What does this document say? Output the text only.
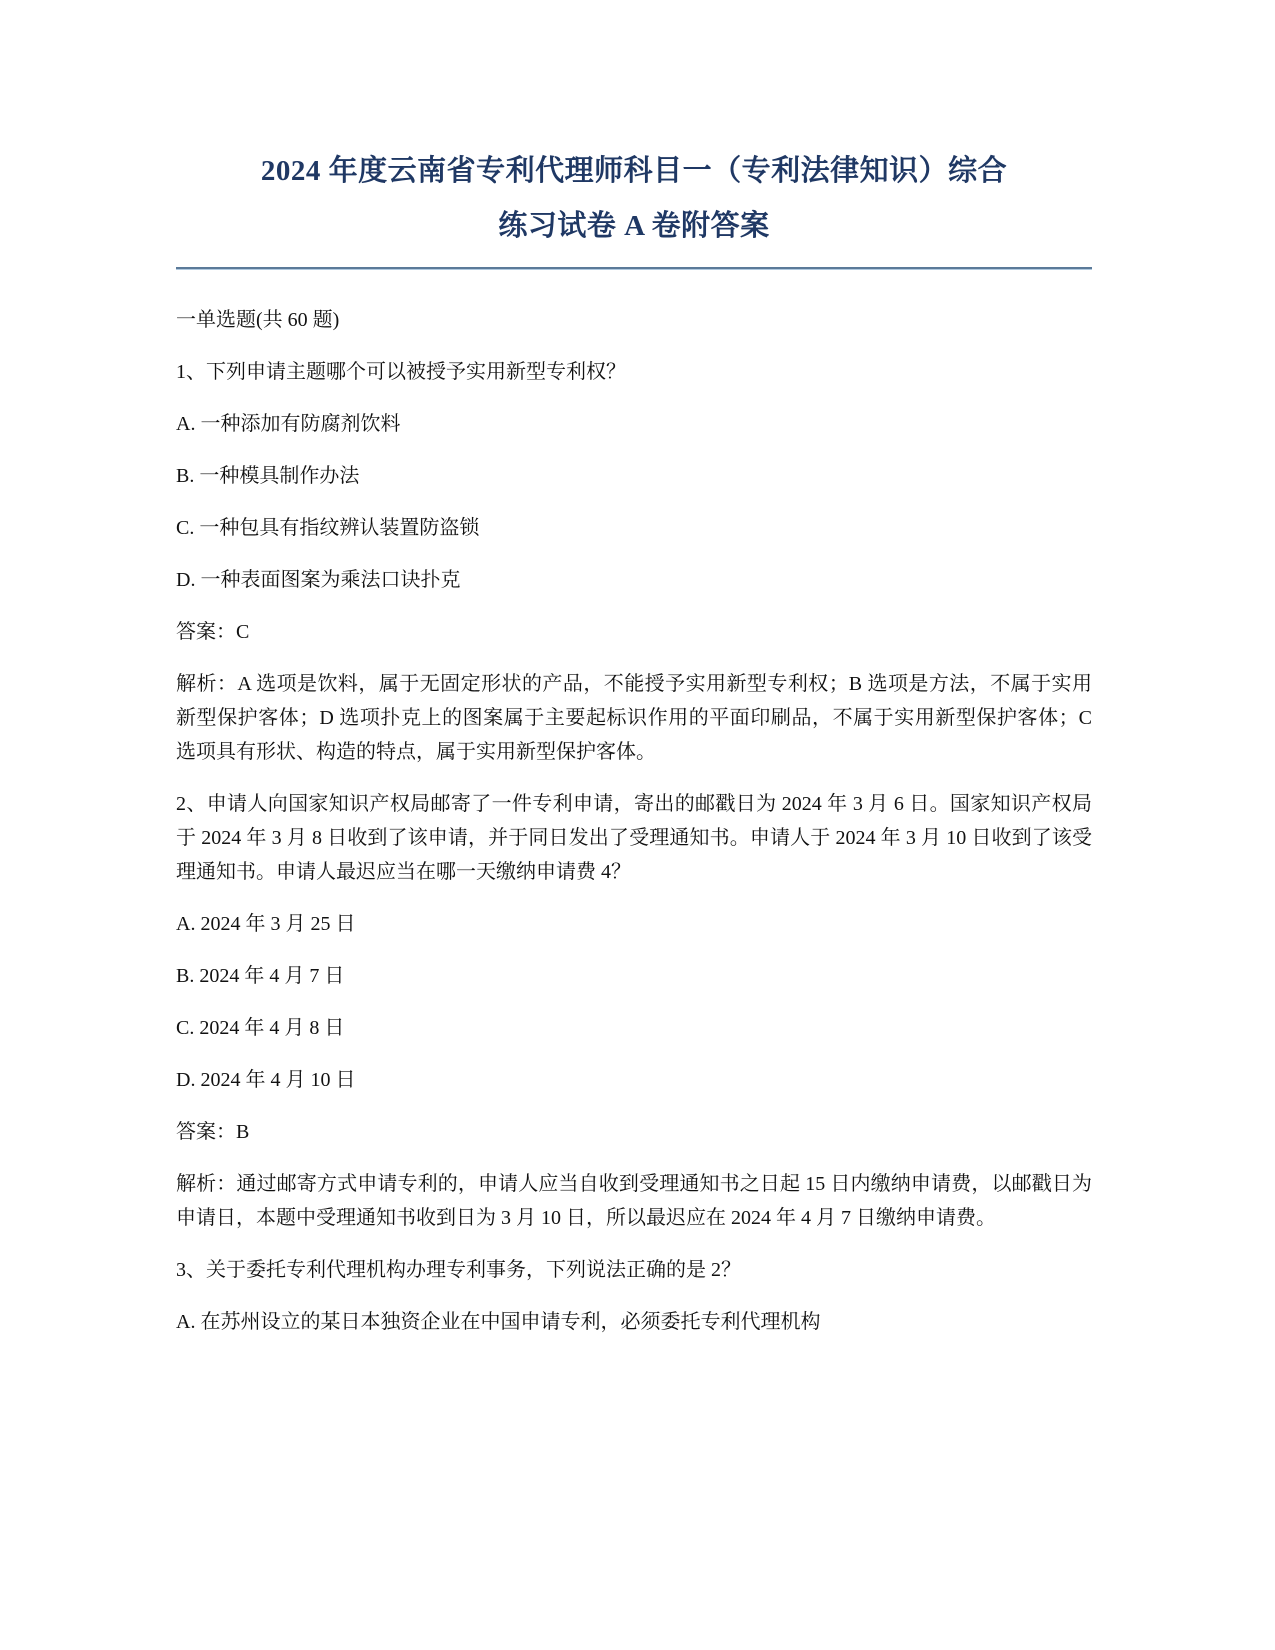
2024 年度云南省专利代理师科目一（专利法律知识）综合
练习试卷 A 卷附答案

一单选题(共 60 题)

1、下列申请主题哪个可以被授予实用新型专利权？

A. 一种添加有防腐剂饮料

B. 一种模具制作办法

C. 一种包具有指纹辨认装置防盗锁

D. 一种表面图案为乘法口诀扑克

答案：C

解析：A 选项是饮料，属于无固定形状的产品，不能授予实用新型专利权；B 选项是方法，不属于实用新型保护客体；D 选项扑克上的图案属于主要起标识作用的平面印刷品，不属于实用新型保护客体；C 选项具有形状、构造的特点，属于实用新型保护客体。

2、申请人向国家知识产权局邮寄了一件专利申请，寄出的邮戳日为 2024 年 3 月 6 日。国家知识产权局于 2024 年 3 月 8 日收到了该申请，并于同日发出了受理通知书。申请人于 2024 年 3 月 10 日收到了该受理通知书。申请人最迟应当在哪一天缴纳申请费 4？

A. 2024 年 3 月 25 日

B. 2024 年 4 月 7 日

C. 2024 年 4 月 8 日

D. 2024 年 4 月 10 日

答案：B

解析：通过邮寄方式申请专利的，申请人应当自收到受理通知书之日起 15 日内缴纳申请费，以邮戳日为申请日，本题中受理通知书收到日为 3 月 10 日，所以最迟应在 2024 年 4 月 7 日缴纳申请费。

3、关于委托专利代理机构办理专利事务，下列说法正确的是 2？

A. 在苏州设立的某日本独资企业在中国申请专利，必须委托专利代理机构
